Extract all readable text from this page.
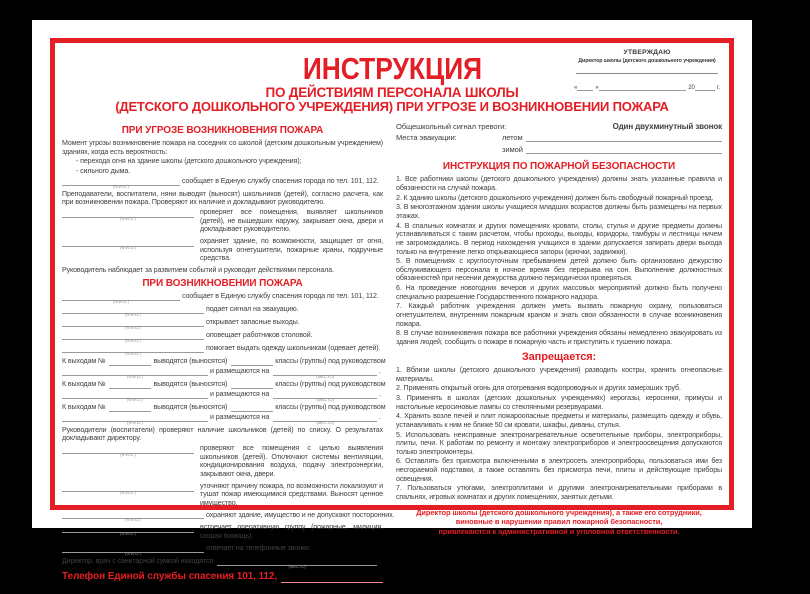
ИНСТРУКЦИЯ
ПО ДЕЙСТВИЯМ ПЕРСОНАЛА ШКОЛЫ
(ДЕТСКОГО ДОШКОЛЬНОГО УЧРЕЖДЕНИЯ) ПРИ УГРОЗЕ И ВОЗНИКНОВЕНИИ ПОЖАРА
УТВЕРЖДАЮ
Директор школы (детского дошкольного учреждения)
«	»	20	г.
ПРИ УГРОЗЕ ВОЗНИКНОВЕНИЯ ПОЖАРА
Момент угрозы возникновение пожара на соседних со школой (детским дошкольным учреждением) зданиях, когда есть вероятность:
- перехода огня на здание школы (детского дошкольного учреждения);
- сильного дыма.
(Ф.И.О.)
сообщает в Единую службу спасения города по тел. 101, 112.
Преподаватели, воспитатели, няни выводят (выносят) школьников (детей), согласно расчета, как при возникновении пожара. Проверяют их наличие и докладывают руководителю.
(Ф.И.О.)
проверяет все помещения, выявляет школьников (детей), не вышедших наружу, закрывает окна, двери и докладывает руководителю.
(Ф.И.О.)
охраняет здание, по возможности, защищает от огня, используя огнетушители, пожарные краны, подручные средства.
Руководитель наблюдает за развитием событий и руководит действиями персонала.
ПРИ ВОЗНИКНОВЕНИИ ПОЖАРА
(Ф.И.О.)
сообщает в Единую службу спасения города по тел. 101, 112.
(Ф.И.О.)
подает сигнал на эвакуацию.
(Ф.И.О.)
открывает запасные выходы.
(Ф.И.О.)
оповещает работников столовой.
(Ф.И.О.)
помогает выдать одежду школьникам (одевает детей).
К выходам №	выводятся (выносятся)	классы (группы) под руководством
(Ф.И.О.)
и размещаются на
(МЕСТО)
.
К выходам №	выводятся (выносятся)	классы (группы) под руководством
(Ф.И.О.)
и размещаются на
(МЕСТО)
.
К выходам №	выводятся (выносятся)	классы (группы) под руководством
(Ф.И.О.)
и размещаются на
(МЕСТО)
.
Руководители (воспитатели) проверяют наличие школьников (детей) по списку. О результатах докладывают директору.
(Ф.И.О.)
проверяют все помещения с целью выявления школьников (детей). Отключают системы вентиляции, кондиционирования воздуха, подачу электроэнергии, закрывают окна, двери.
(Ф.И.О.)
уточняют причину пожара, по возможности локализуют и тушат пожар имеющимися средствами. Выносят ценное имущество.
(Ф.И.О.)
охраняют здание, имущество и не допускают посторонних.
(Ф.И.О.)
встречает оперативную группу (пожарные, милиция, скорая помощь).
(Ф.И.О.)
отвечает на телефонные звонки.
Директор, врач с санитарной сумкой находятся
(МЕСТО)
.
Телефон Единой службы спасения 101, 112,
Общешкольный сигнал тревоги:	Один двухминутный звонок
Места эвакуации:	летом
зимой
ИНСТРУКЦИЯ ПО ПОЖАРНОЙ БЕЗОПАСНОСТИ
1. Все работники школы (детского дошкольного учреждения) должны знать указанные правила и обязанности на случай пожара.
2. К зданию школы (детского дошкольного учреждения) должен быть свободный пожарный проезд.
3. В многоэтажном здании школы учащиеся младших возрастов должны быть размещены на первых этажах.
4. В спальных комнатах и других помещениях кровати, столы, стулья и другие предметы должны устанавливаться с таким расчетом, чтобы проходы, выходы, коридоры, тамбуры и лестницы ничем не загромождались. В период нахождения учащихся в здании допускается запирать двери выхода только на внутренние легко открывающиеся запоры (крючки, задвижки).
5. В помещениях с круглосуточным пребыванием детей должно быть организовано дежурство обслуживающего персонала в ночное время без перерыва на сон. Выполнение должностных обязанностей при несении дежурства должно периодически проверяться.
6. На проведение новогодних вечеров и других массовых мероприятий должно быть получено специально разрешение Государственного пожарного надзора.
7. Каждый работник учреждения должен уметь вызвать пожарную охрану, пользоваться огнетушителем, внутренним пожарным краном и знать свои обязанности в случае возникновения пожара.
8. В случае возникновения пожара все работники учреждения обязаны немедленно эвакуировать из здания людей, сообщить о пожаре в пожарную часть и приступить к тушению пожара.
Запрещается:
1. Вблизи школы (детского дошкольного учреждения) разводить костры, хранить огнеопасные материалы.
2. Применять открытый огонь для отогревания водопроводных и других замерзших труб.
3. Применять в школах (детских дошкольных учреждениях) керогазы, керосинки, примусы и настольные керосиновые лампы со стеклянными резервуарами.
4. Хранить возле печей и плит пожароопасные предметы и материалы, размещать одежду и обувь, устанавливать к ним не ближе 50 см кровати, шкафы, диваны, стулья.
5. Использовать неисправные электронагревательные осветительные приборы, электроприборы, плиты, печи. К работам по ремонту и монтажу электроприборов и электроосвещения допускаются только электромонтеры.
6. Оставлять без присмотра включенными в электросеть электроприборы, пользоваться ими без несгораемой подставки, а также оставлять без присмотра печи, плиты и действующие приборы освещения.
7. Пользоваться утюгами, электроплитами и другими электронагревательными приборами в спальнях, игровых комнатах и других помещениях, занятых детьми.
Директор школы (детского дошкольного учреждения), а также его сотрудники,
виновные в нарушении правил пожарной безопасности,
привлекаются к административной и уголовной ответственности.
